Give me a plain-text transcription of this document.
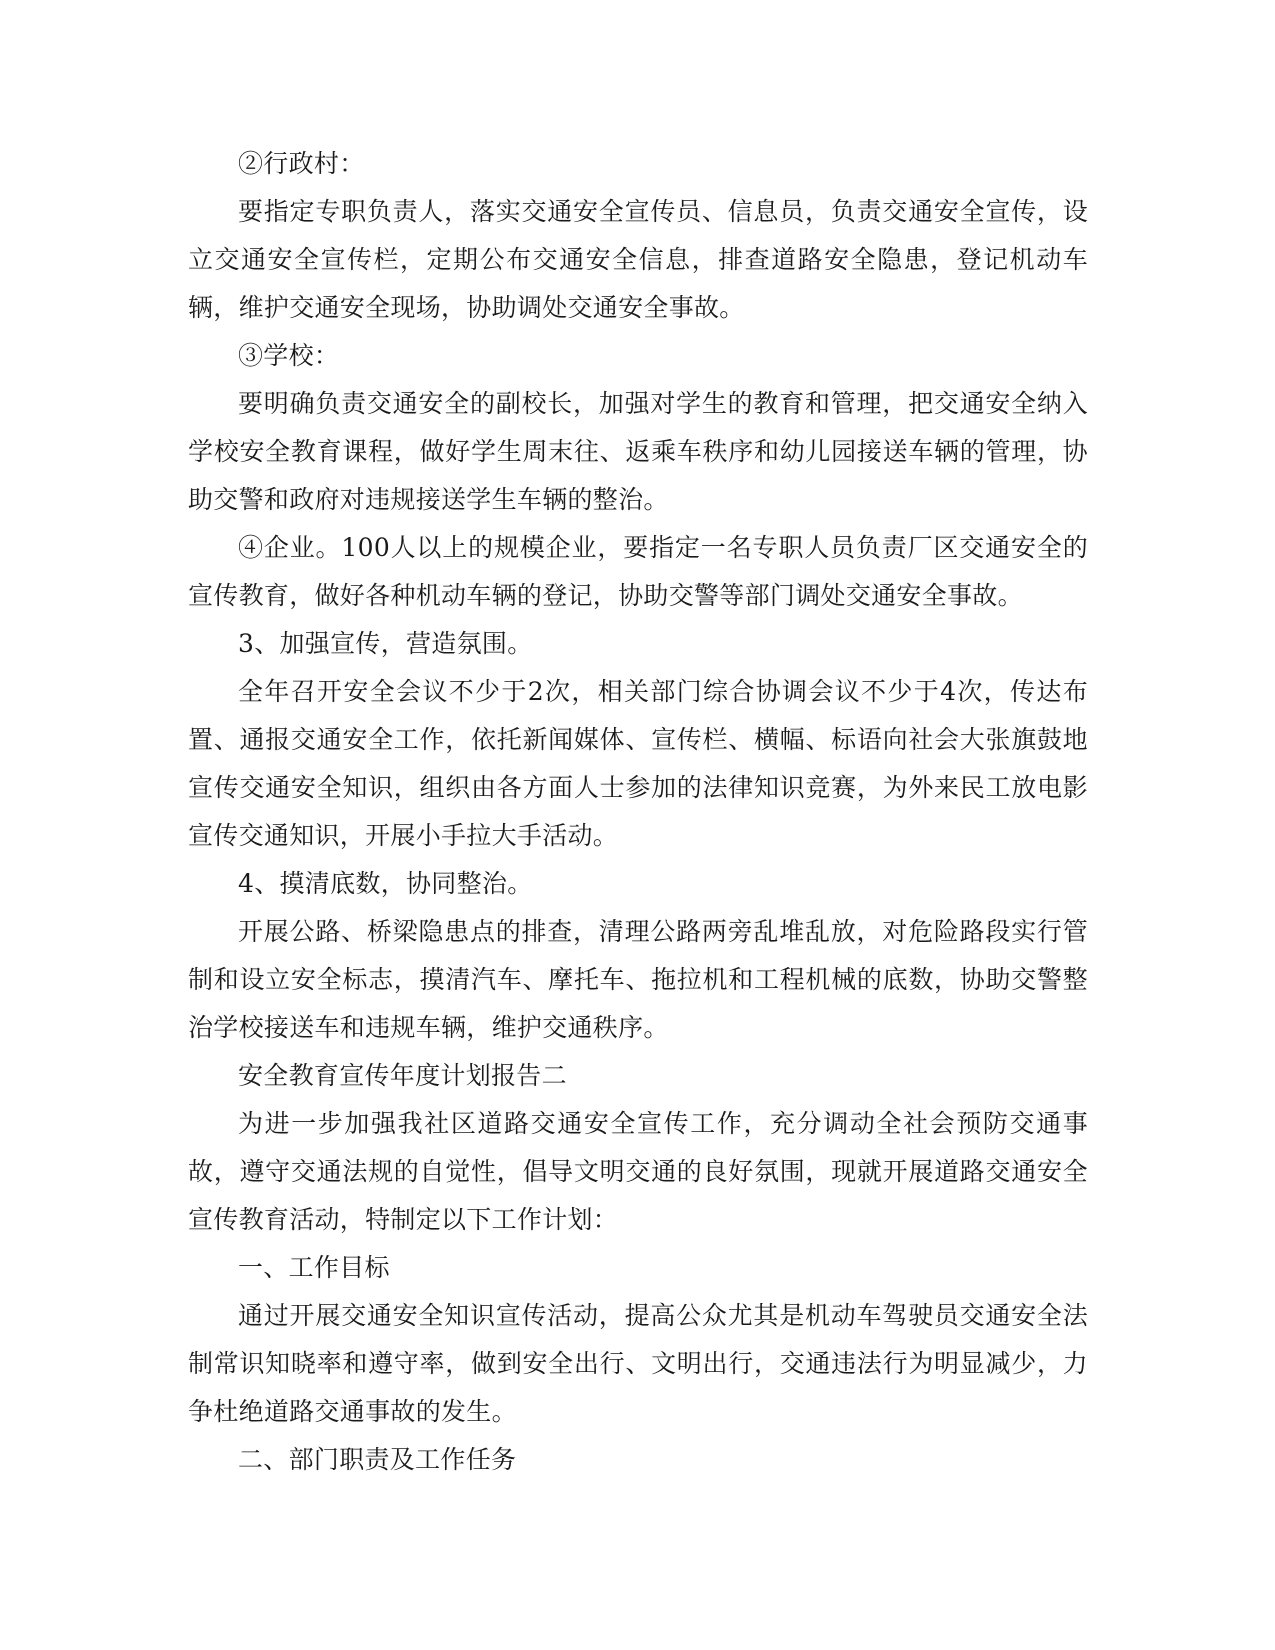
②行政村：

要指定专职负责人，落实交通安全宣传员、信息员，负责交通安全宣传，设立交通安全宣传栏，定期公布交通安全信息，排查道路安全隐患，登记机动车辆，维护交通安全现场，协助调处交通安全事故。

③学校：

要明确负责交通安全的副校长，加强对学生的教育和管理，把交通安全纳入学校安全教育课程，做好学生周末往、返乘车秩序和幼儿园接送车辆的管理，协助交警和政府对违规接送学生车辆的整治。

④企业。100人以上的规模企业，要指定一名专职人员负责厂区交通安全的宣传教育，做好各种机动车辆的登记，协助交警等部门调处交通安全事故。

3、加强宣传，营造氛围。

全年召开安全会议不少于2次，相关部门综合协调会议不少于4次，传达布置、通报交通安全工作，依托新闻媒体、宣传栏、横幅、标语向社会大张旗鼓地宣传交通安全知识，组织由各方面人士参加的法律知识竞赛，为外来民工放电影宣传交通知识，开展小手拉大手活动。

4、摸清底数，协同整治。

开展公路、桥梁隐患点的排查，清理公路两旁乱堆乱放，对危险路段实行管制和设立安全标志，摸清汽车、摩托车、拖拉机和工程机械的底数，协助交警整治学校接送车和违规车辆，维护交通秩序。

安全教育宣传年度计划报告二

为进一步加强我社区道路交通安全宣传工作，充分调动全社会预防交通事故，遵守交通法规的自觉性，倡导文明交通的良好氛围，现就开展道路交通安全宣传教育活动，特制定以下工作计划：

一、工作目标

通过开展交通安全知识宣传活动，提高公众尤其是机动车驾驶员交通安全法制常识知晓率和遵守率，做到安全出行、文明出行，交通违法行为明显减少，力争杜绝道路交通事故的发生。

二、部门职责及工作任务
